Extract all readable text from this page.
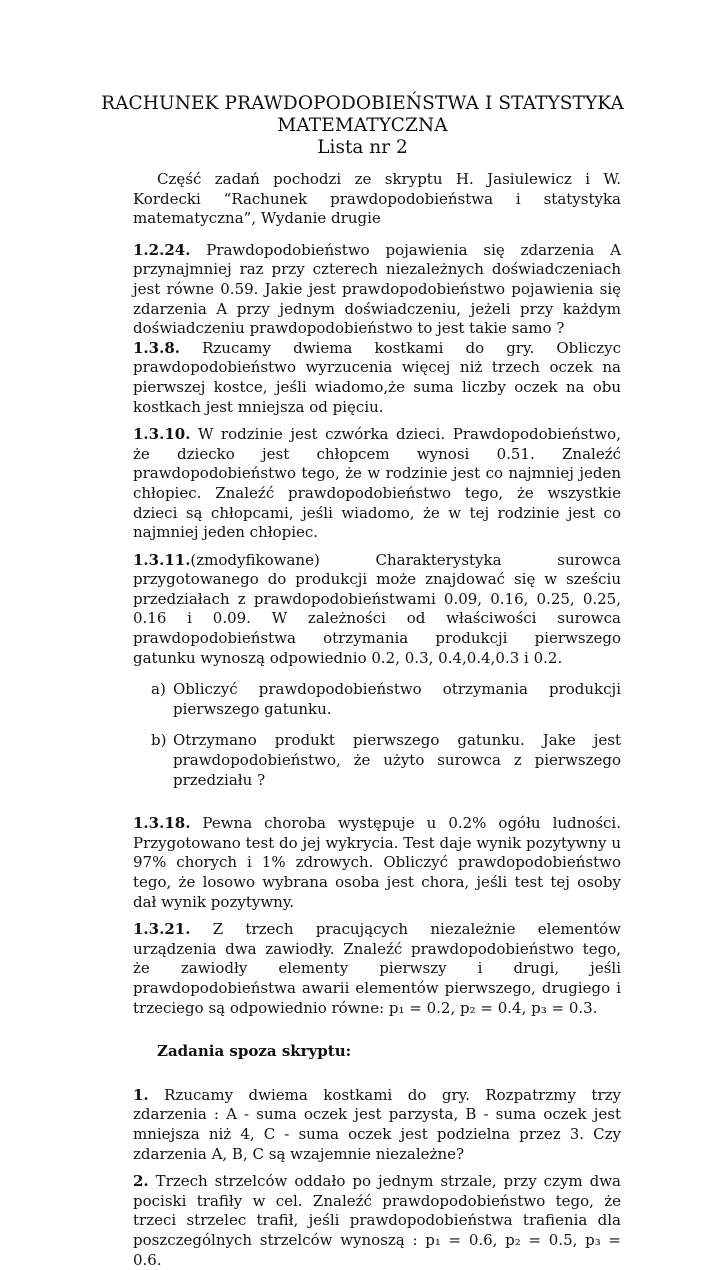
RACHUNEK PRAWDOPODOBIEŃSTWA I STATYSTYKA
MATEMATYCZNA
Lista nr 2

Część zadań pochodzi ze skryptu H. Jasiulewicz i W. Kordecki “Rachunek prawdopodobieństwa i statystyka matematyczna”, Wydanie drugie

1.2.24. Prawdopodobieństwo pojawienia się zdarzenia A przynajmniej raz przy czterech niezależnych doświadczeniach jest równe 0.59. Jakie jest prawdopodobieństwo pojawienia się zdarzenia A przy jednym doświadczeniu, jeżeli przy każdym doświadczeniu prawdopodobieństwo to jest takie samo ?

1.3.8. Rzucamy dwiema kostkami do gry. Obliczyc prawdopodobieństwo wyrzucenia więcej niż trzech oczek na pierwszej kostce, jeśli wiadomo,że suma liczby oczek na obu kostkach jest mniejsza od pięciu.

1.3.10. W rodzinie jest czwórka dzieci. Prawdopodobieństwo, że dziecko jest chłopcem wynosi 0.51. Znaleźć prawdopodobieństwo tego, że w rodzinie jest co najmniej jeden chłopiec. Znaleźć prawdopodobieństwo tego, że wszystkie dzieci są chłopcami, jeśli wiadomo, że w tej rodzinie jest co najmniej jeden chłopiec.

1.3.11.(zmodyfikowane) Charakterystyka surowca przygotowanego do produkcji może znajdować się w sześciu przedziałach z prawdopodobieństwami 0.09, 0.16, 0.25, 0.25, 0.16 i 0.09. W zależności od właściwości surowca prawdopodobieństwa otrzymania produkcji pierwszego gatunku wynoszą odpowiednio 0.2, 0.3, 0.4,0.4,0.3 i 0.2.

a) Obliczyć prawdopodobieństwo otrzymania produkcji pierwszego gatunku.
b) Otrzymano produkt pierwszego gatunku. Jake jest prawdopodobieństwo, że użyto surowca z pierwszego przedziału ?

1.3.18. Pewna choroba występuje u 0.2% ogółu ludności. Przygotowano test do jej wykrycia. Test daje wynik pozytywny u 97% chorych i 1% zdrowych. Obliczyć prawdopodobieństwo tego, że losowo wybrana osoba jest chora, jeśli test tej osoby dał wynik pozytywny.

1.3.21. Z trzech pracujących niezależnie elementów urządzenia dwa zawiodły. Znaleźć prawdopodobieństwo tego, że zawiodły elementy pierwszy i drugi, jeśli prawdopodobieństwa awarii elementów pierwszego, drugiego i trzeciego są odpowiednio równe: p₁ = 0.2, p₂ = 0.4, p₃ = 0.3.

Zadania spoza skryptu:

1. Rzucamy dwiema kostkami do gry. Rozpatrzmy trzy zdarzenia : A - suma oczek jest parzysta, B - suma oczek jest mniejsza niż 4, C - suma oczek jest podzielna przez 3. Czy zdarzenia A, B, C są wzajemnie niezależne?

2. Trzech strzelców oddało po jednym strzale, przy czym dwa pociski trafiły w cel. Znaleźć prawdopodobieństwo tego, że trzeci strzelec trafił, jeśli prawdopodobieństwa trafienia dla poszczególnych strzelców wynoszą : p₁ = 0.6, p₂ = 0.5, p₃ = 0.6.
